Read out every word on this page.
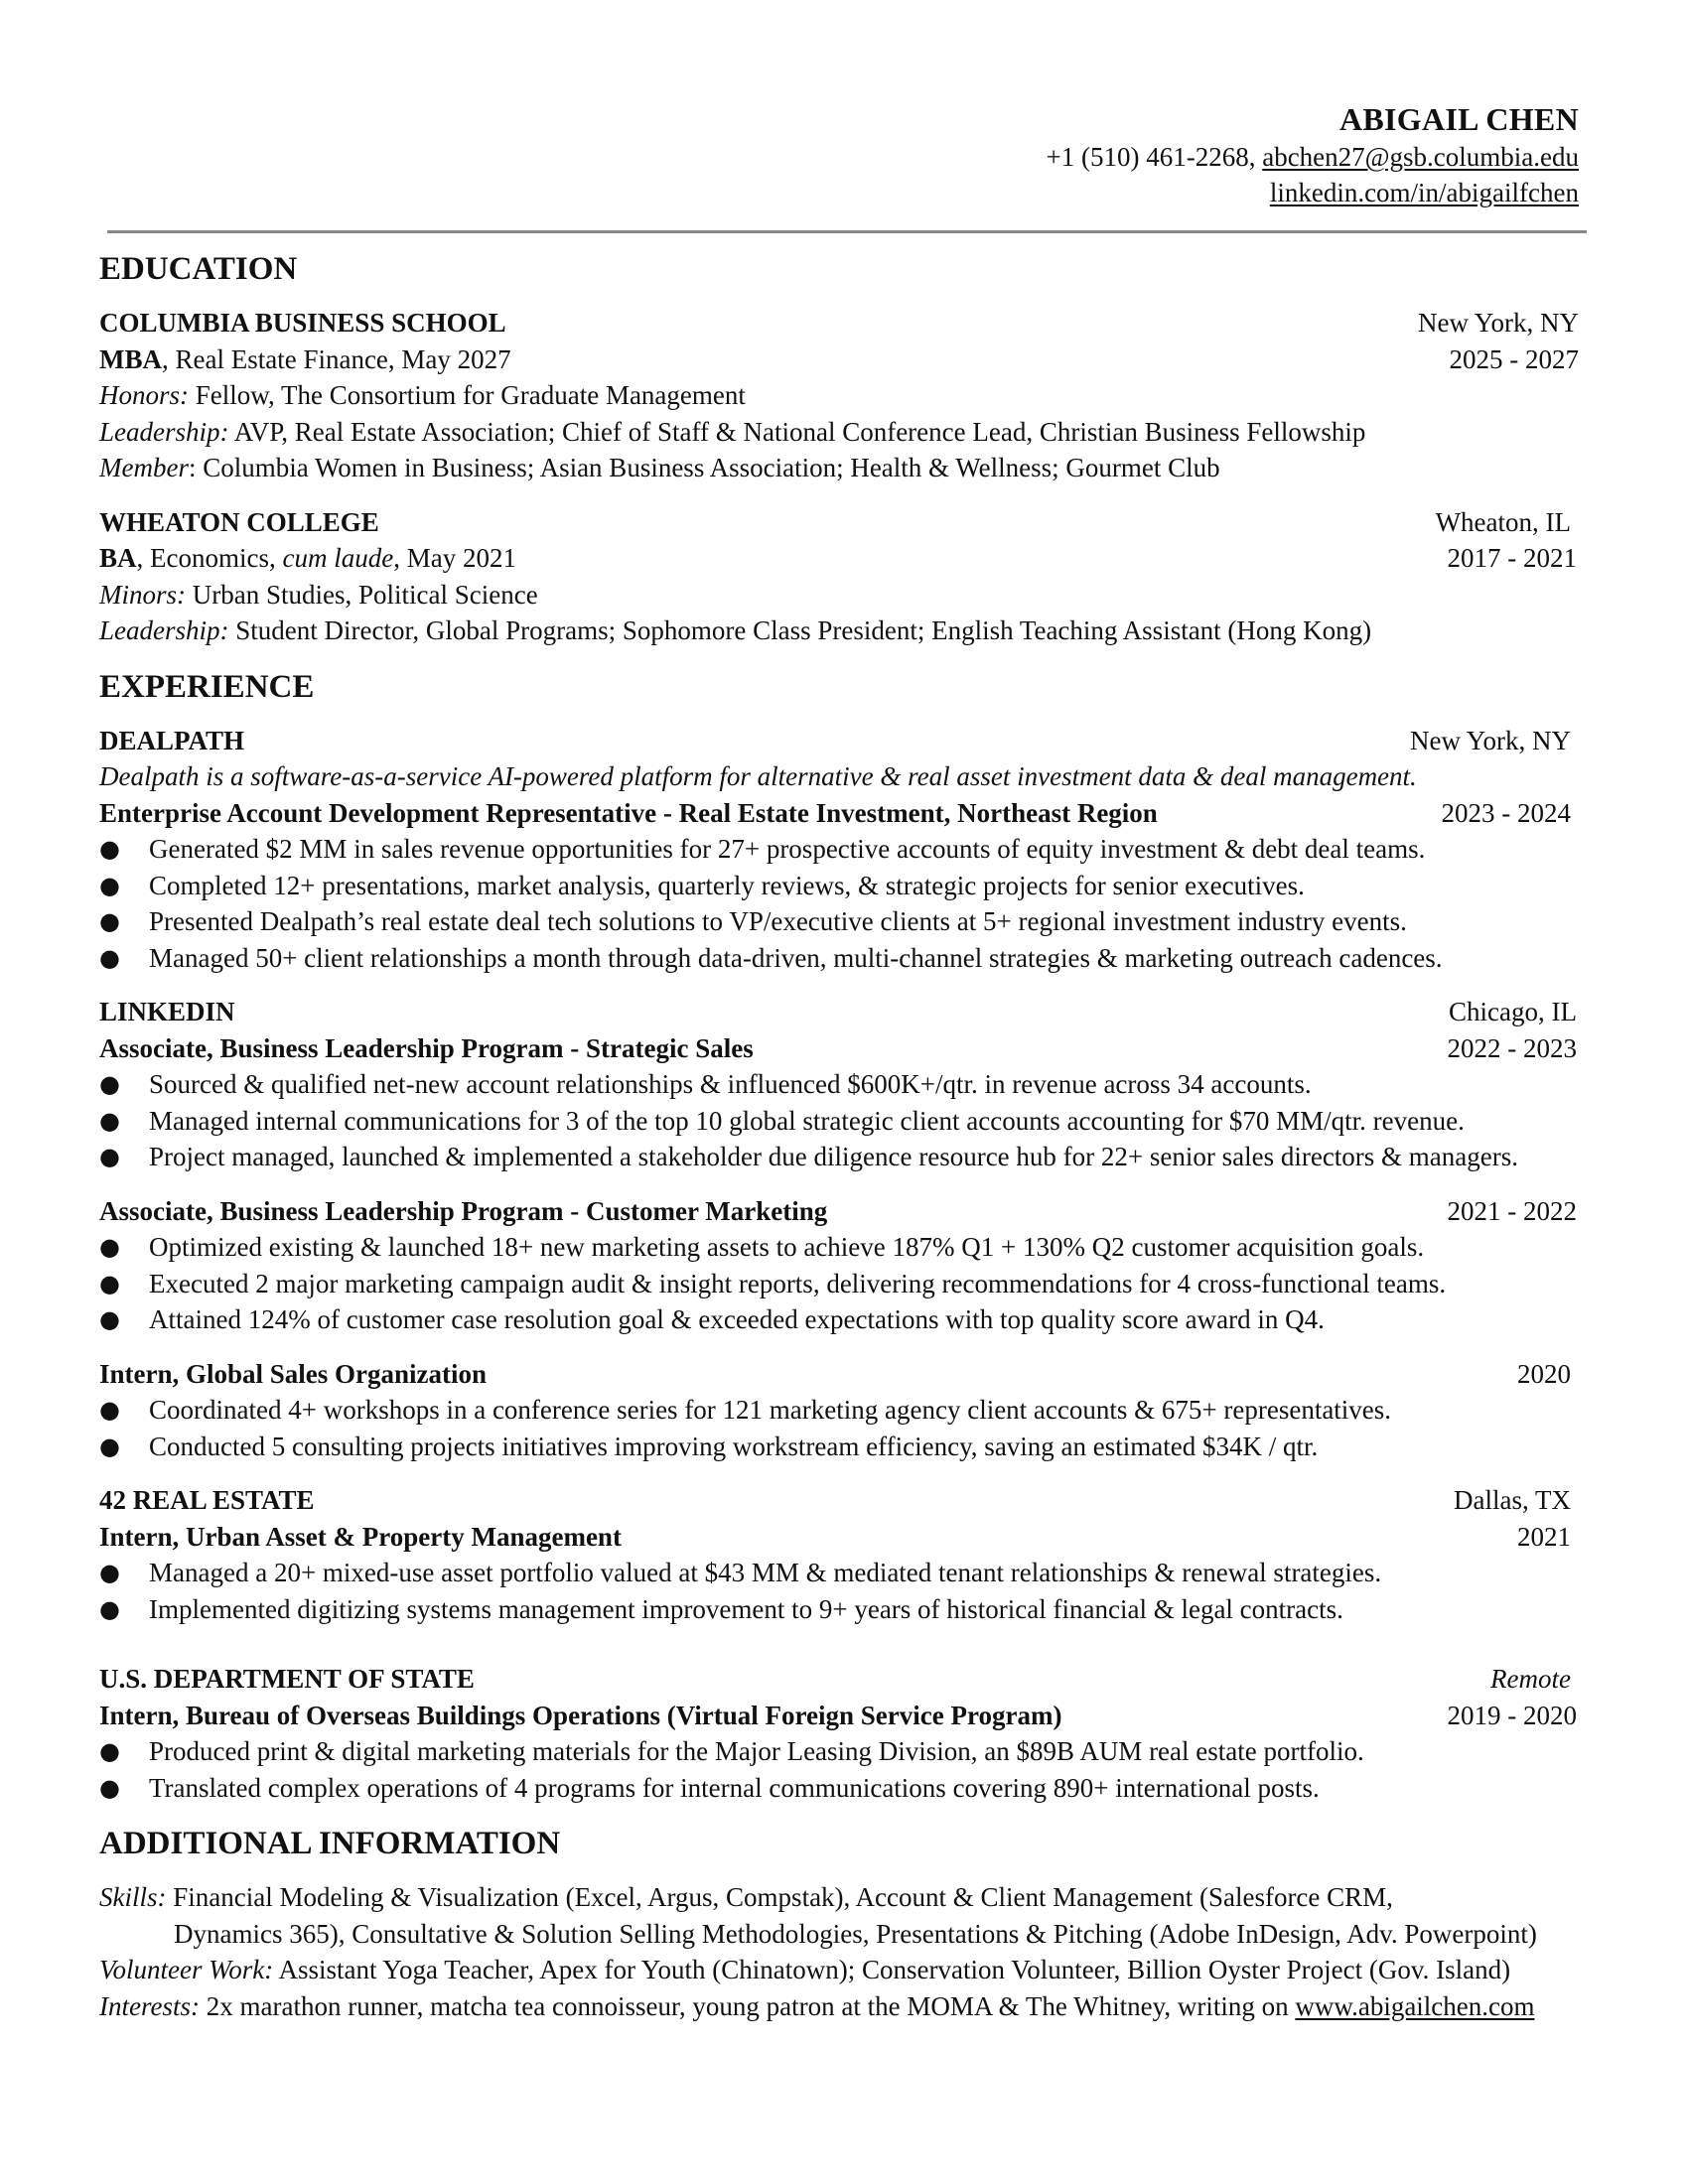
ABIGAIL CHEN
+1 (510) 461-2268, abchen27@gsb.columbia.edu
linkedin.com/in/abigailfchen
EDUCATION
COLUMBIA BUSINESS SCHOOL	New York, NY
MBA, Real Estate Finance, May 2027	2025 - 2027
Honors: Fellow, The Consortium for Graduate Management
Leadership: AVP, Real Estate Association; Chief of Staff & National Conference Lead, Christian Business Fellowship
Member: Columbia Women in Business; Asian Business Association; Health & Wellness; Gourmet Club
WHEATON COLLEGE	Wheaton, IL
BA, Economics, cum laude, May 2021	2017 - 2021
Minors: Urban Studies, Political Science
Leadership: Student Director, Global Programs; Sophomore Class President; English Teaching Assistant (Hong Kong)
EXPERIENCE
DEALPATH	New York, NY
Dealpath is a software-as-a-service AI-powered platform for alternative & real asset investment data & deal management.
Enterprise Account Development Representative - Real Estate Investment, Northeast Region	2023 - 2024
● Generated $2 MM in sales revenue opportunities for 27+ prospective accounts of equity investment & debt deal teams.
● Completed 12+ presentations, market analysis, quarterly reviews, & strategic projects for senior executives.
● Presented Dealpath’s real estate deal tech solutions to VP/executive clients at 5+ regional investment industry events.
● Managed 50+ client relationships a month through data-driven, multi-channel strategies & marketing outreach cadences.
LINKEDIN	Chicago, IL
Associate, Business Leadership Program - Strategic Sales	2022 - 2023
● Sourced & qualified net-new account relationships & influenced $600K+/qtr. in revenue across 34 accounts.
● Managed internal communications for 3 of the top 10 global strategic client accounts accounting for $70 MM/qtr. revenue.
● Project managed, launched & implemented a stakeholder due diligence resource hub for 22+ senior sales directors & managers.
Associate, Business Leadership Program - Customer Marketing	2021 - 2022
● Optimized existing & launched 18+ new marketing assets to achieve 187% Q1 + 130% Q2 customer acquisition goals.
● Executed 2 major marketing campaign audit & insight reports, delivering recommendations for 4 cross-functional teams.
● Attained 124% of customer case resolution goal & exceeded expectations with top quality score award in Q4.
Intern, Global Sales Organization	2020
● Coordinated 4+ workshops in a conference series for 121 marketing agency client accounts & 675+ representatives.
● Conducted 5 consulting projects initiatives improving workstream efficiency, saving an estimated $34K / qtr.
42 REAL ESTATE	Dallas, TX
Intern, Urban Asset & Property Management	2021
● Managed a 20+ mixed-use asset portfolio valued at $43 MM & mediated tenant relationships & renewal strategies.
● Implemented digitizing systems management improvement to 9+ years of historical financial & legal contracts.
U.S. DEPARTMENT OF STATE	Remote
Intern, Bureau of Overseas Buildings Operations (Virtual Foreign Service Program)	2019 - 2020
● Produced print & digital marketing materials for the Major Leasing Division, an $89B AUM real estate portfolio.
● Translated complex operations of 4 programs for internal communications covering 890+ international posts.
ADDITIONAL INFORMATION
Skills: Financial Modeling & Visualization (Excel, Argus, Compstak), Account & Client Management (Salesforce CRM,
Dynamics 365), Consultative & Solution Selling Methodologies, Presentations & Pitching (Adobe InDesign, Adv. Powerpoint)
Volunteer Work: Assistant Yoga Teacher, Apex for Youth (Chinatown); Conservation Volunteer, Billion Oyster Project (Gov. Island)
Interests: 2x marathon runner, matcha tea connoisseur, young patron at the MOMA & The Whitney, writing on www.abigailchen.com
